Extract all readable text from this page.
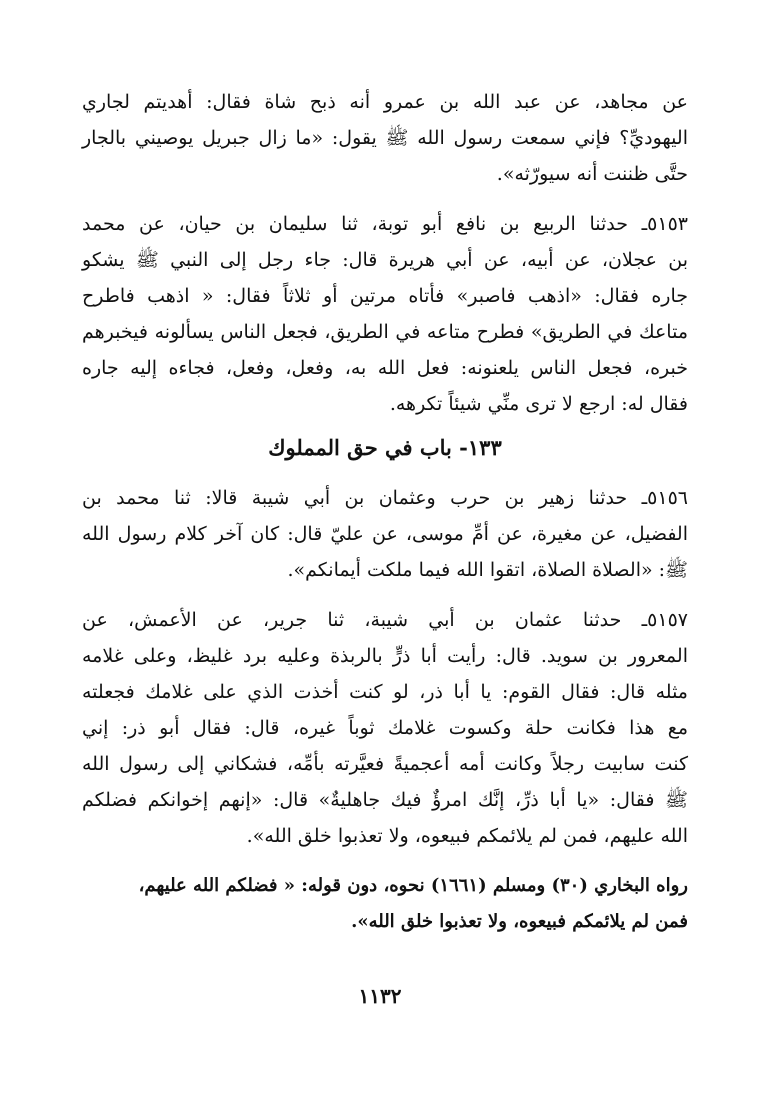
عن مجاهد، عن عبد الله بن عمرو أنه ذبح شاة فقال: أهديتم لجاري
اليهوديِّ؟ فإني سمعت رسول الله ﷺ يقول: «ما زال جبريل يوصيني بالجار
حتَّى ظننت أنه سيورّثه».

٥١٥٣ـ حدثنا الربيع بن نافع أبو توبة، ثنا سليمان بن حيان، عن محمد
بن عجلان، عن أبيه، عن أبي هريرة قال: جاء رجل إلى النبي ﷺ يشكو
جاره فقال: «اذهب فاصبر» فأتاه مرتين أو ثلاثاً فقال: « اذهب فاطرح
متاعك في الطريق» فطرح متاعه في الطريق، فجعل الناس يسألونه فيخبرهم
خبره، فجعل الناس يلعنونه: فعل الله به، وفعل، وفعل، فجاءه إليه جاره
فقال له: ارجع لا ترى منِّي شيئاً تكرهه.

١٣٣- باب في حق المملوك

٥١٥٦ـ حدثنا زهير بن حرب وعثمان بن أبي شيبة قالا: ثنا محمد بن
الفضيل، عن مغيرة، عن أمِّ موسى، عن عليّ قال: كان آخر كلام رسول الله
ﷺ: «الصلاة الصلاة، اتقوا الله فيما ملكت أيمانكم».

٥١٥٧ـ حدثنا عثمان بن أبي شيبة، ثنا جرير، عن الأعمش، عن
المعرور بن سويد. قال: رأيت أبا ذرٍّ بالربذة وعليه برد غليظ، وعلى غلامه
مثله قال: فقال القوم: يا أبا ذر، لو كنت أخذت الذي على غلامك فجعلته
مع هذا فكانت حلة وكسوت غلامك ثوباً غيره، قال: فقال أبو ذر: إني
كنت سابيت رجلاً وكانت أمه أعجميةً فعيَّرته بأمِّه، فشكاني إلى رسول الله
ﷺ فقال: «يا أبا ذرِّ، إنَّك امرؤٌ فيك جاهليةٌ» قال: «إنهم إخوانكم فضلكم
الله عليهم، فمن لم يلائمكم فبيعوه، ولا تعذبوا خلق الله».

رواه البخاري (٣٠) ومسلم (١٦٦١) نحوه، دون قوله: « فضلكم الله عليهم،
فمن لم يلائمكم فبيعوه، ولا تعذبوا خلق الله».
١١٣٢
